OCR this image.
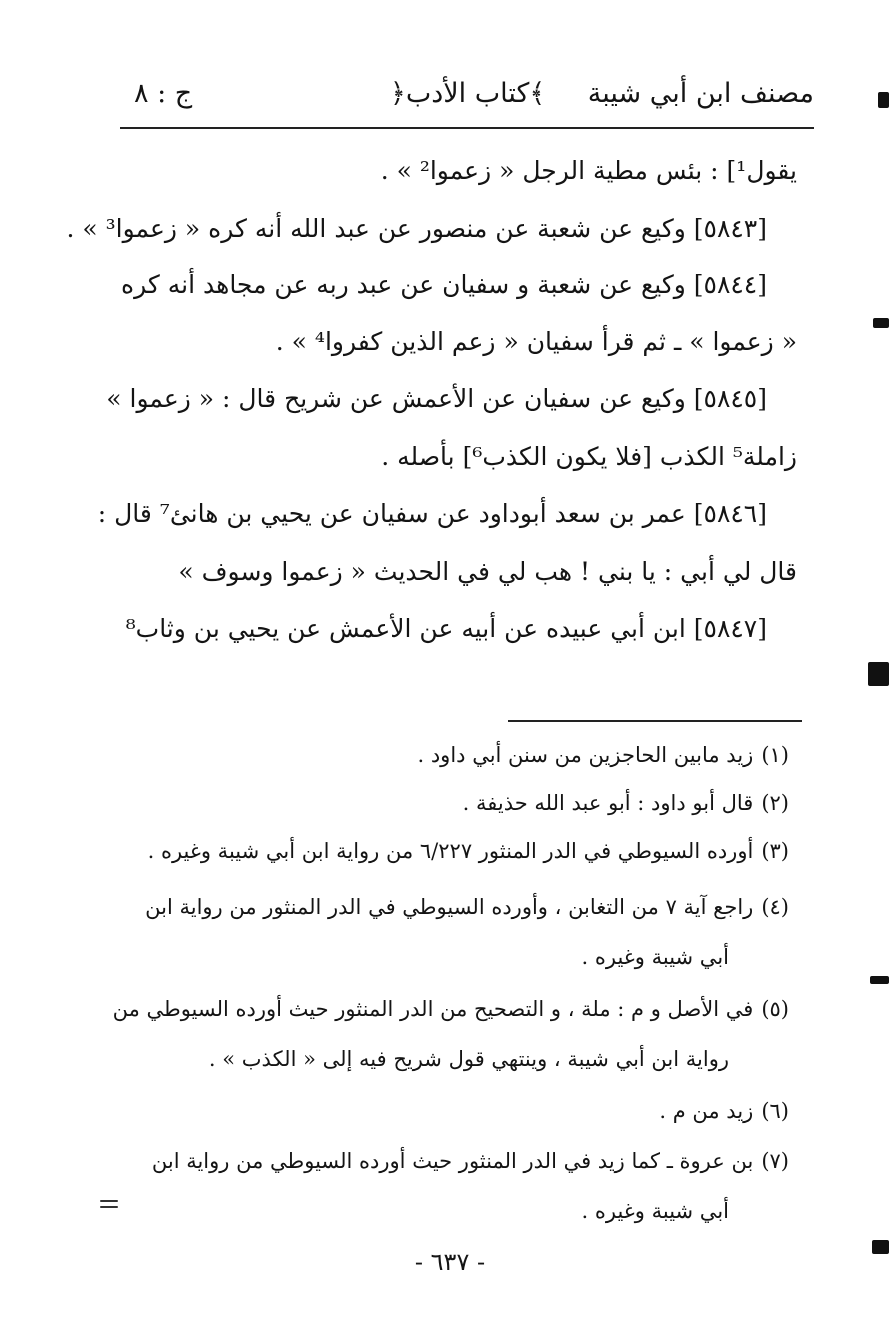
مصنف ابن أبي شيبة
﴿كتاب الأدب﴾
ج : ٨
يقول¹] : بئس مطية الرجل « زعموا² » .
[٥٨٤٣] وكيع عن شعبة عن منصور عن عبد الله أنه كره « زعموا³ » .
[٥٨٤٤] وكيع عن شعبة و سفيان عن عبد ربه عن مجاهد أنه كره
« زعموا » ـ ثم قرأ سفيان « زعم الذين كفروا⁴ » .
[٥٨٤٥] وكيع عن سفيان عن الأعمش عن شريح قال : « زعموا »
زاملة⁵ الكذب [فلا يكون الكذب⁶] بأصله .
[٥٨٤٦] عمر بن سعد أبوداود عن سفيان عن يحيي بن هانئ⁷ قال :
قال لي أبي : يا بني ! هب لي في الحديث « زعموا وسوف »
[٥٨٤٧] ابن أبي عبيده عن أبيه عن الأعمش عن يحيي بن وثاب⁸
(١)زيد مابين الحاجزين من سنن أبي داود .
(٢)قال أبو داود : أبو عبد الله حذيفة .
(٣)أورده السيوطي في الدر المنثور ٦/٢٢٧ من رواية ابن أبي شيبة وغيره .
(٤)راجع آية ٧ من التغابن ، وأورده السيوطي في الدر المنثور من رواية ابن
أبي شيبة وغيره .
(٥)في الأصل و م : ملة ، و التصحيح من الدر المنثور حيث أورده السيوطي من
رواية ابن أبي شيبة ، وينتهي قول شريح فيه إلى « الكذب » .
(٦)زيد من م .
(٧)بن عروة ـ كما زيد في الدر المنثور حيث أورده السيوطي من رواية ابن
أبي شيبة وغيره .
- ٦٣٧ -
